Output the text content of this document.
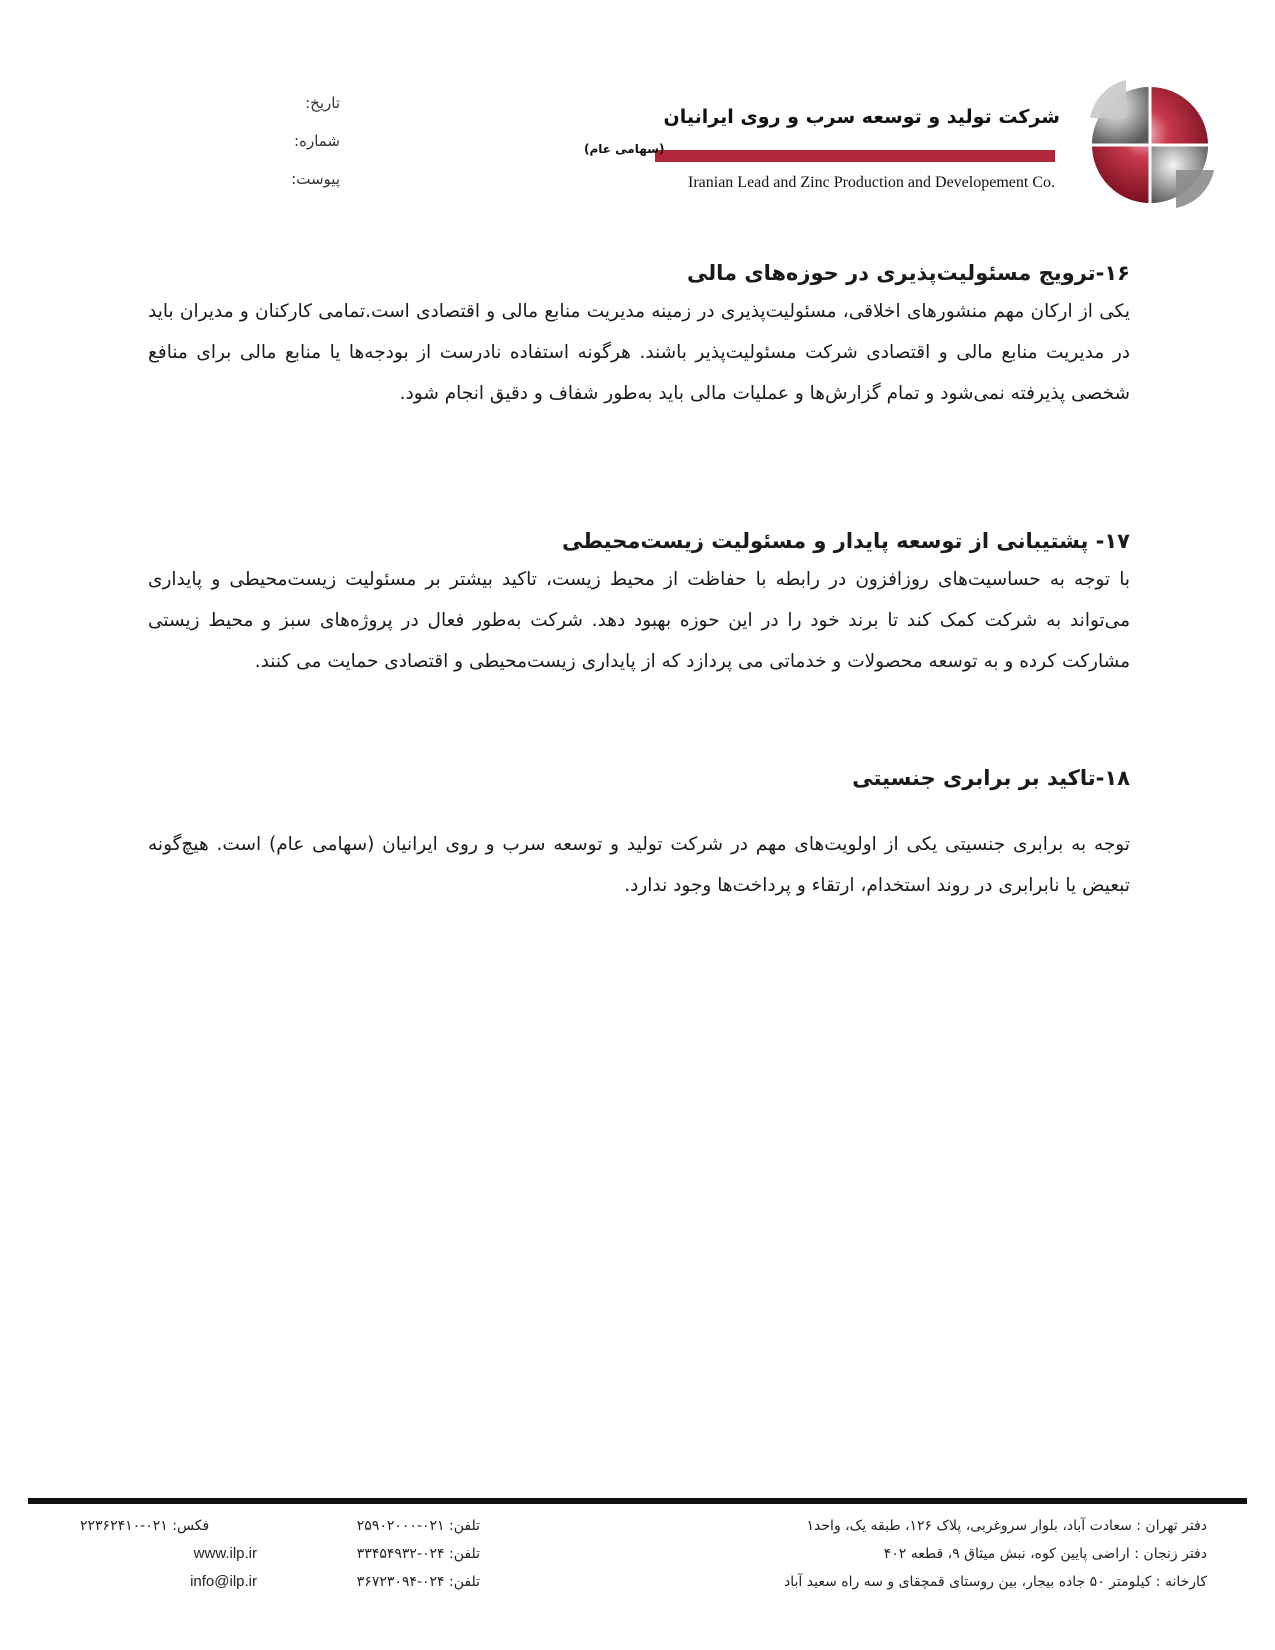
تاریخ:
شماره:
پیوست:
شرکت تولید و توسعه سرب و روی ایرانیان
(سهامی عام)
Iranian Lead and Zinc Production and Developement Co.
۱۶-ترویج مسئولیت‌پذیری در حوزه‌های مالی

یکی از ارکان مهم منشورهای اخلاقی، مسئولیت‌پذیری در زمینه مدیریت منابع مالی و اقتصادی است.تمامی کارکنان و مدیران باید در مدیریت منابع مالی و اقتصادی شرکت مسئولیت‌پذیر باشند. هرگونه استفاده نادرست از بودجه‌ها یا منابع مالی برای منافع شخصی پذیرفته نمی‌شود و تمام گزارش‌ها و عملیات مالی باید به‌طور شفاف و دقیق انجام شود.

۱۷- پشتیبانی از توسعه پایدار و مسئولیت زیست‌محیطی

با توجه به حساسیت‌های روزافزون در رابطه با حفاظت از محیط زیست، تاکید بیشتر بر مسئولیت زیست‌محیطی و پایداری می‌تواند به شرکت کمک کند تا برند خود را در این حوزه بهبود دهد. شرکت به‌طور فعال در پروژه‌های سبز و محیط زیستی مشارکت کرده و به توسعه محصولات و خدماتی می پردازد که از پایداری زیست‌محیطی و اقتصادی حمایت می کنند.

۱۸-تاکید بر برابری جنسیتی

توجه به برابری جنسیتی یکی از اولویت‌های مهم در شرکت تولید و توسعه سرب و روی ایرانیان (سهامی عام) است. هیچ‌گونه تبعیض یا نابرابری در روند استخدام، ارتقاء و پرداخت‌ها وجود ندارد.

دفتر تهران : سعادت آباد، بلوار سروغربی، پلاک ۱۲۶، طبقه یک، واحد۱
دفتر زنجان : اراضی پایین کوه، نبش میثاق ۹، قطعه ۴۰۲
کارخانه : کیلومتر ۵۰ جاده بیجار، بین روستای قمچقای و سه راه سعید آباد
تلفن: ۰۲۱-۲۵۹۰۲۰۰۰
تلفن: ۰۲۴-۳۳۴۵۴۹۳۲
تلفن: ۰۲۴-۳۶۷۲۳۰۹۴
فکس: ۰۲۱-۲۲۳۶۲۴۱۰
www.ilp.ir
info@ilp.ir
